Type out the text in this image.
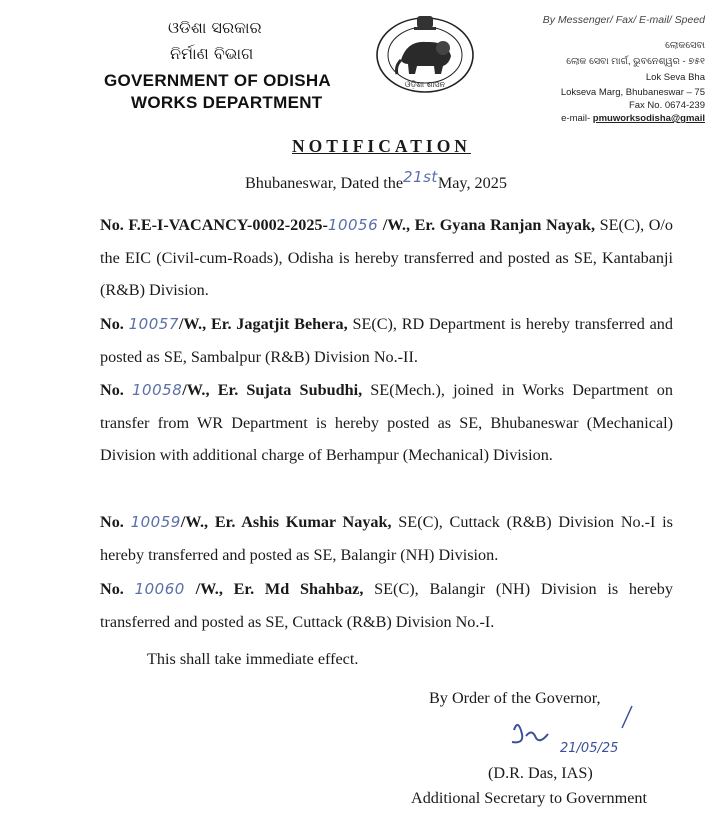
ଓଡିଶା ସରକାର
ନିର୍ମାଣ ବିଭାଗ
GOVERNMENT OF ODISHA
WORKS DEPARTMENT
ଓଡ଼ିଶା ଶାସନ
By Messenger/ Fax/ E-mail/ Speed
ଲୋକସେବା
ଲୋକ ସେବା ମାର୍ଗ, ଭୁବନେଶ୍ୱର - ୭୫୧
Lok Seva Bha
Lokseva Marg, Bhubaneswar – 75
Fax No. 0674-239
e-mail- pmuworksodisha@gmail
NOTIFICATION
Bhubaneswar, Dated the21stMay, 2025

No. F.E-I-VACANCY-0002-2025-10056 /W., Er. Gyana Ranjan Nayak, SE(C), O/o the EIC (Civil-cum-Roads), Odisha is hereby transferred and posted as SE, Kantabanji (R&B) Division.

No. 10057/W., Er. Jagatjit Behera, SE(C), RD Department is hereby transferred and posted as SE, Sambalpur (R&B) Division No.-II.

No. 10058/W., Er. Sujata Subudhi, SE(Mech.), joined in Works Department on transfer from WR Department is hereby posted as SE, Bhubaneswar (Mechanical) Division with additional charge of Berhampur (Mechanical) Division.

No. 10059/W., Er. Ashis Kumar Nayak, SE(C), Cuttack (R&B) Division No.-I is hereby transferred and posted as SE, Balangir (NH) Division.

No. 10060 /W., Er. Md Shahbaz, SE(C), Balangir (NH) Division is hereby transferred and posted as SE, Cuttack (R&B) Division No.-I.

This shall take immediate effect.
By Order of the Governor,
21/05/25
(D.R. Das, IAS)
Additional Secretary to Government
